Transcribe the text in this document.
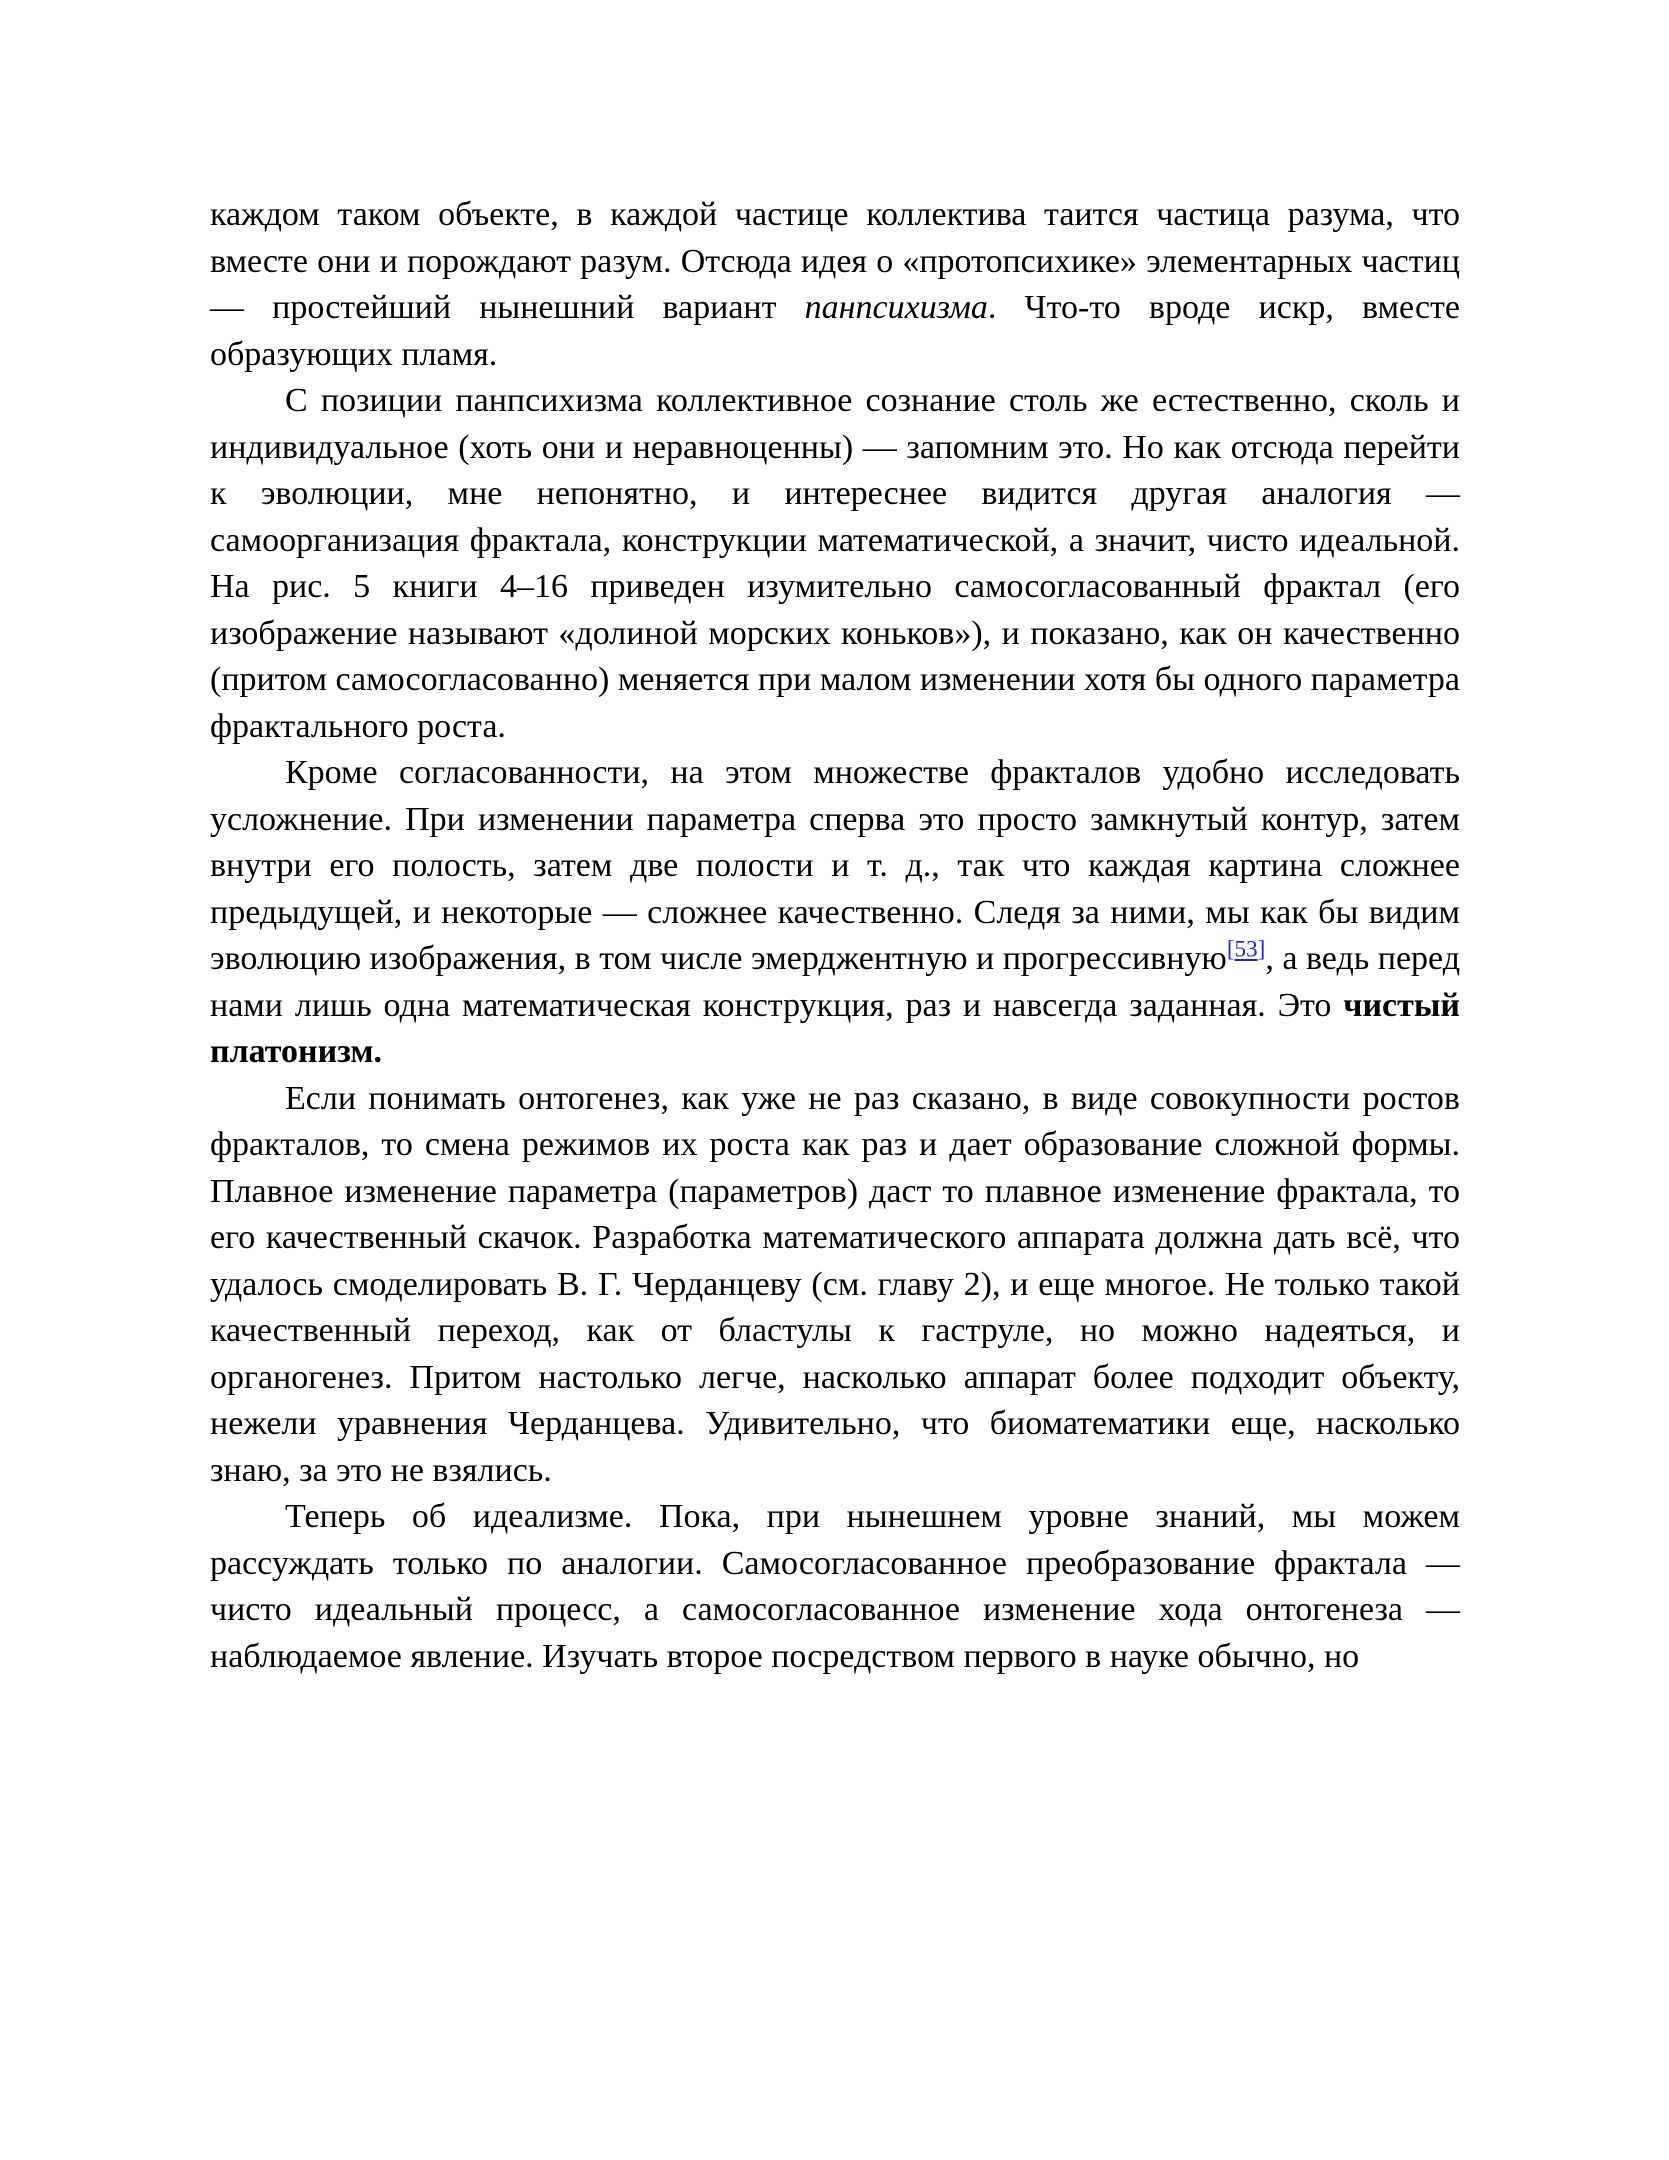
каждом таком объекте, в каждой частице коллектива таится частица разума, что вместе они и порождают разум. Отсюда идея о «протопсихике» элементарных частиц — простейший нынешний вариант панпсихизма. Что-то вроде искр, вместе образующих пламя.

С позиции панпсихизма коллективное сознание столь же естественно, сколь и индивидуальное (хоть они и неравноценны) — запомним это. Но как отсюда перейти к эволюции, мне непонятно, и интереснее видится другая аналогия — самоорганизация фрактала, конструкции математической, а значит, чисто идеальной. На рис. 5 книги 4–16 приведен изумительно самосогласованный фрактал (его изображение называют «долиной морских коньков»), и показано, как он качественно (притом самосогласованно) меняется при малом изменении хотя бы одного параметра фрактального роста.

Кроме согласованности, на этом множестве фракталов удобно исследовать усложнение. При изменении параметра сперва это просто замкнутый контур, затем внутри его полость, затем две полости и т. д., так что каждая картина сложнее предыдущей, и некоторые — сложнее качественно. Следя за ними, мы как бы видим эволюцию изображения, в том числе эмерджентную и прогрессивную[53], а ведь перед нами лишь одна математическая конструкция, раз и навсегда заданная. Это чистый платонизм.

Если понимать онтогенез, как уже не раз сказано, в виде совокупности ростов фракталов, то смена режимов их роста как раз и дает образование сложной формы. Плавное изменение параметра (параметров) даст то плавное изменение фрактала, то его качественный скачок. Разработка математического аппарата должна дать всё, что удалось смоделировать В. Г. Черданцеву (см. главу 2), и еще многое. Не только такой качественный переход, как от бластулы к гаструле, но можно надеяться, и органогенез. Притом настолько легче, насколько аппарат более подходит объекту, нежели уравнения Черданцева. Удивительно, что биоматематики еще, насколько знаю, за это не взялись.

Теперь об идеализме. Пока, при нынешнем уровне знаний, мы можем рассуждать только по аналогии. Самосогласованное преобразование фрактала — чисто идеальный процесс, а самосогласованное изменение хода онтогенеза — наблюдаемое явление. Изучать второе посредством первого в науке обычно, но
